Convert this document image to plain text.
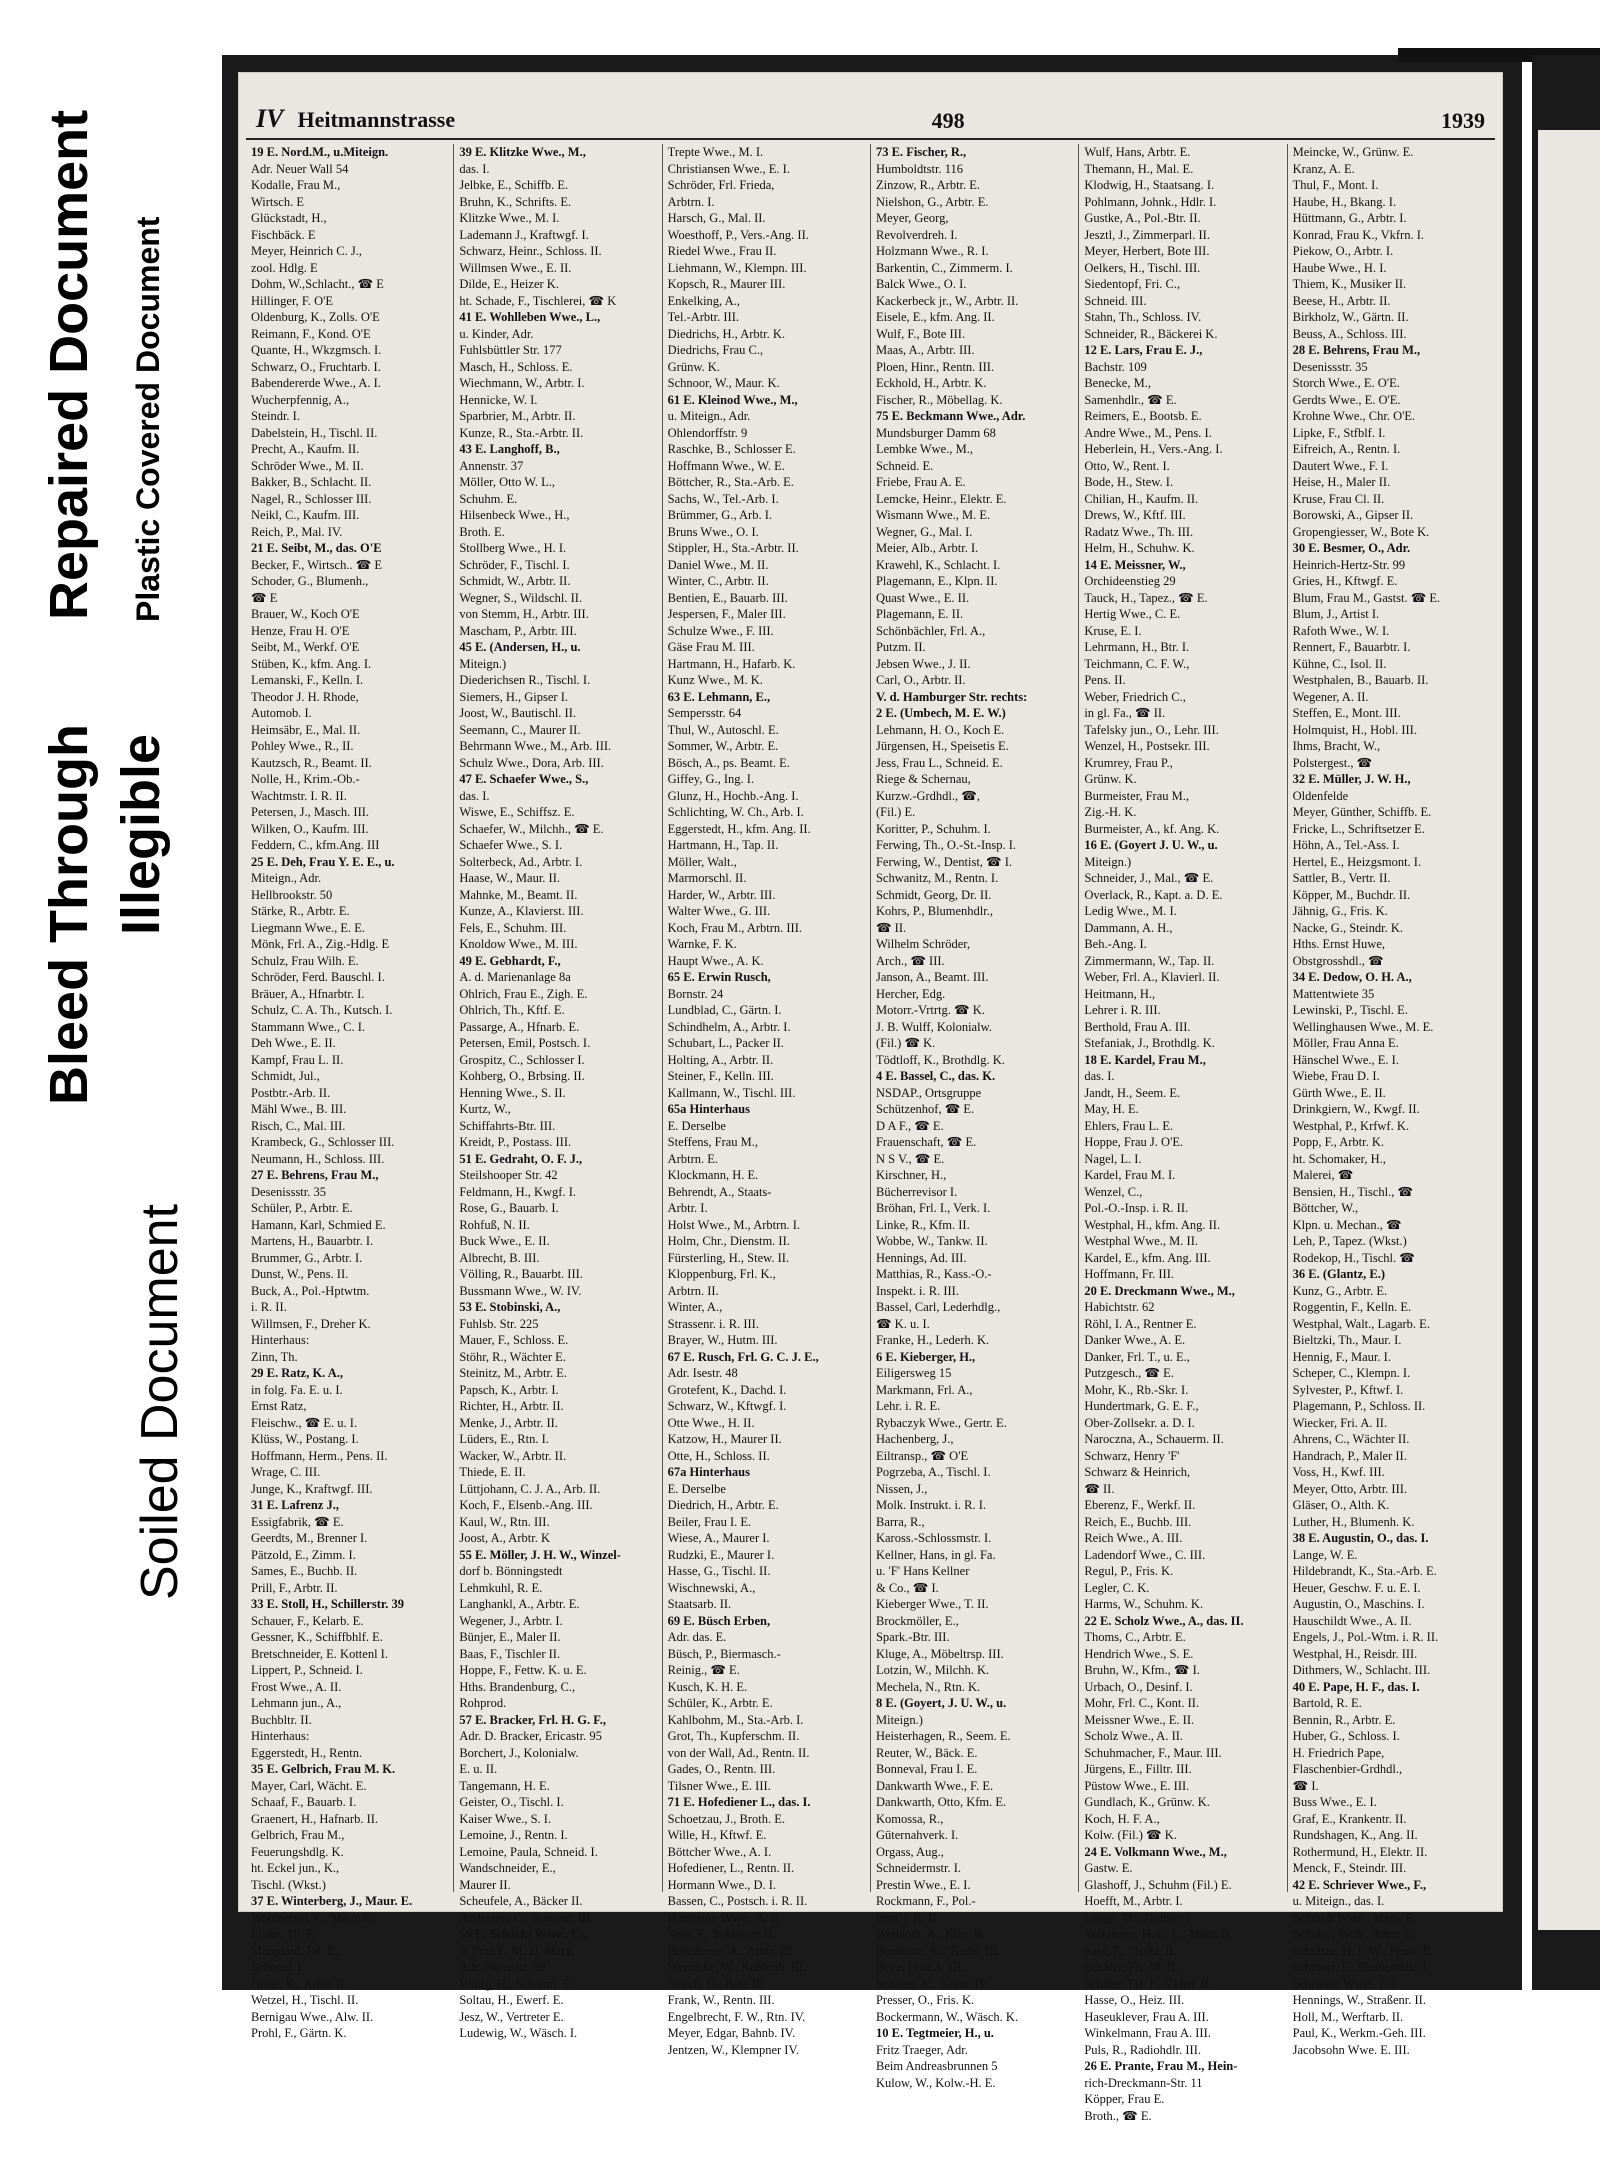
Bleed Through
Repaired Document
Illegible
Plastic Covered Document
Soiled Document
IV Heitmannstrasse	498	1939
19 E. Nord.M., u.Miteign.
Adr. Neuer Wall 54
Kodalle, Frau M.,
Wirtsch. E
Glückstadt, H.,
Fischbäck. E
Meyer, Heinrich C. J.,
zool. Hdlg. E
Dohm, W.,Schlacht., ☎ E
Hillinger, F. O'E
Oldenburg, K., Zolls. O'E
Reimann, F., Kond. O'E
Quante, H., Wkzgmsch. I.
Schwarz, O., Fruchtarb. I.
Babendererde Wwe., A. I.
Wucherpfennig, A.,
Steindr. I.
Dabelstein, H., Tischl. II.
Precht, A., Kaufm. II.
Schröder Wwe., M. II.
Bakker, B., Schlacht. II.
Nagel, R., Schlosser III.
Neikl, C., Kaufm. III.
Reich, P., Mal. IV.
21 E. Seibt, M., das. O'E
Becker, F., Wirtsch.. ☎ E
Schoder, G., Blumenh.,
☎ E
Brauer, W., Koch O'E
Henze, Frau H. O'E
Seibt, M., Werkf. O'E
Stüben, K., kfm. Ang. I.
Lemanski, F., Kelln. I.
Theodor J. H. Rhode,
Automob. I.
Heimsäbr, E., Mal. II.
Pohley Wwe., R., II.
Kautzsch, R., Beamt. II.
Nolle, H., Krim.-Ob.-
Wachtmstr. I. R. II.
Petersen, J., Masch. III.
Wilken, O., Kaufm. III.
Feddern, C., kfm.Ang. III
25 E. Deh, Frau Y. E. E., u.
Miteign., Adr.
Hellbrookstr. 50
Stärke, R., Arbtr. E.
Liegmann Wwe., E. E.
Mönk, Frl. A., Zig.-Hdlg. E
Schulz, Frau Wilh. E.
Schröder, Ferd. Bauschl. I.
Bräuer, A., Hfnarbtr. I.
Schulz, C. A. Th., Kutsch. I.
Stammann Wwe., C. I.
Deh Wwe., E. II.
Kampf, Frau L. II.
Schmidt, Jul.,
Postbtr.-Arb. II.
Mähl Wwe., B. III.
Risch, C., Mal. III.
Krambeck, G., Schlosser III.
Neumann, H., Schloss. III.
27 E. Behrens, Frau M.,
Desenissstr. 35
Schüler, P., Arbtr. E.
Hamann, Karl, Schmied E.
Martens, H., Bauarbtr. I.
Brummer, G., Arbtr. I.
Dunst, W., Pens. II.
Buck, A., Pol.-Hptwtm.
i. R. II.
Willmsen, F., Dreher K.
Hinterhaus:
Zinn, Th.
29 E. Ratz, K. A.,
in folg. Fa. E. u. I.
Ernst Ratz,
Fleischw., ☎ E. u. I.
Klüss, W., Postang. I.
Hoffmann, Herm., Pens. II.
Wrage, C. III.
Junge, K., Kraftwgf. III.
31 E. Lafrenz J.,
Essigfabrik, ☎ E.
Geerdts, M., Brenner I.
Pätzold, E., Zimm. I.
Sames, E., Buchb. II.
Prill, F., Arbtr. II.
33 E. Stoll, H., Schillerstr. 39
Schauer, F., Kelarb. E.
Gessner, K., Schiffbhlf. E.
Bretschneider, E. Kottenl I.
Lippert, P., Schneid. I.
Frost Wwe., A. II.
Lehmann jun., A.,
Buchbltr. II.
Hinterhaus:
Eggerstedt, H., Rentn.
35 E. Gelbrich, Frau M. K.
Mayer, Carl, Wächt. E.
Schaaf, F., Bauarb. I.
Graenert, H., Hafnarb. II.
Gelbrich, Frau M.,
Feuerungshdlg. K.
ht. Eckel jun., K.,
Tischl. (Wkst.)
37 E. Winterberg, J., Maur. E.
Wohlbeben, E., Maur. E.
Linke, Th. E.
Marquard, Frl. E.,
Schneid. I.
Grote, K., Arbtr. II.
Wetzel, H., Tischl. II.
Bernigau Wwe., Alw. II.
Prohl, F., Gärtn. K.
39 E. Klitzke Wwe., M.,
das. I.
Jelbke, E., Schiffb. E.
Bruhn, K., Schrifts. E.
Klitzke Wwe., M. I.
Lademann J., Kraftwgf. I.
Schwarz, Heinr., Schloss. II.
Willmsen Wwe., E. II.
Dilde, E., Heizer K.
ht. Schade, F., Tischlerei, ☎ K
41 E. Wohlleben Wwe., L.,
u. Kinder, Adr.
Fuhlsbüttler Str. 177
Masch, H., Schloss. E.
Wiechmann, W., Arbtr. I.
Hennicke, W. I.
Sparbrier, M., Arbtr. II.
Kunze, R., Sta.-Arbtr. II.
43 E. Langhoff, B.,
Annenstr. 37
Möller, Otto W. L.,
Schuhm. E.
Hilsenbeck Wwe., H.,
Broth. E.
Stollberg Wwe., H. I.
Schröder, F., Tischl. I.
Schmidt, W., Arbtr. II.
Wegner, S., Wildschl. II.
von Stemm, H., Arbtr. III.
Mascham, P., Arbtr. III.
45 E. (Andersen, H., u.
Miteign.)
Diederichsen R., Tischl. I.
Siemers, H., Gipser I.
Joost, W., Bautischl. II.
Seemann, C., Maurer II.
Behrmann Wwe., M., Arb. III.
Schulz Wwe., Dora, Arb. III.
47 E. Schaefer Wwe., S.,
das. I.
Wiswe, E., Schiffsz. E.
Schaefer, W., Milchh., ☎ E.
Schaefer Wwe., S. I.
Solterbeck, Ad., Arbtr. I.
Haase, W., Maur. II.
Mahnke, M., Beamt. II.
Kunze, A., Klavierst. III.
Fels, E., Schuhm. III.
Knoldow Wwe., M. III.
49 E. Gebhardt, F.,
A. d. Marienanlage 8a
Ohlrich, Frau E., Zigh. E.
Ohlrich, Th., Kftf. E.
Passarge, A., Hfnarb. E.
Petersen, Emil, Postsch. I.
Grospitz, C., Schlosser I.
Kohberg, O., Brbsing. II.
Henning Wwe., S. II.
Kurtz, W.,
Schiffahrts-Btr. III.
Kreidt, P., Postass. III.
51 E. Gedraht, O. F. J.,
Steilshooper Str. 42
Feldmann, H., Kwgf. I.
Rose, G., Bauarb. I.
Rohfuß, N. II.
Buck Wwe., E. II.
Albrecht, B. III.
Völling, R., Bauarbt. III.
Bussmann Wwe., W. IV.
53 E. Stobinski, A.,
Fuhlsb. Str. 225
Mauer, F., Schloss. E.
Stöhr, R., Wächter E.
Steinitz, M., Arbtr. E.
Papsch, K., Arbtr. I.
Richter, H., Arbtr. II.
Menke, J., Arbtr. II.
Lüders, E., Rtn. I.
Wacker, W., Arbtr. II.
Thiede, E. II.
Lüttjohann, C. J. A., Arb. II.
Koch, F., Elsenb.-Ang. III.
Kaul, W., Rtn. III.
Joost, A., Arbtr. K
55 E. Möller, J. H. W., Winzel-
dorf b. Bönningstedt
Lehmkuhl, R. E.
Langhankl, A., Arbtr. E.
Wegener, J., Arbtr. I.
Bünjer, E., Maler II.
Baas, F., Tischler II.
Hoppe, F., Fettw. K. u. E.
Hths. Brandenburg, C.,
Rohprod.
57 E. Bracker, Frl. H. G. F.,
Adr. D. Bracker, Ericastr. 95
Borchert, J., Kolonialw.
E. u. II.
Tangemann, H. E.
Geister, O., Tischl. I.
Kaiser Wwe., S. I.
Lemoine, J., Rentn. I.
Lemoine, Paula, Schneid. I.
Wandschneider, E.,
Maurer II.
Scheufele, A., Bäcker II.
Andresen, C., Schneid. III.
59 E. Schacht Wwe., C.,
u. Frau E. M. D. Marx,
Adr. Papenstr. 89
Wittig, H., Schuhm. E.
Soltau, H., Ewerf. E.
Jesz, W., Vertreter E.
Ludewig, W., Wäsch. I.
Trepte Wwe., M. I.
Christiansen Wwe., E. I.
Schröder, Frl. Frieda,
Arbtrn. I.
Harsch, G., Mal. II.
Woesthoff, P., Vers.-Ang. II.
Riedel Wwe., Frau II.
Liehmann, W., Klempn. III.
Kopsch, R., Maurer III.
Enkelking, A.,
Tel.-Arbtr. III.
Diedrichs, H., Arbtr. K.
Diedrichs, Frau C.,
Grünw. K.
Schnoor, W., Maur. K.
61 E. Kleinod Wwe., M.,
u. Miteign., Adr.
Ohlendorffstr. 9
Raschke, B., Schlosser E.
Hoffmann Wwe., W. E.
Böttcher, R., Sta.-Arb. E.
Sachs, W., Tel.-Arb. I.
Brümmer, G., Arb. I.
Bruns Wwe., O. I.
Stippler, H., Sta.-Arbtr. II.
Daniel Wwe., M. II.
Winter, C., Arbtr. II.
Bentien, E., Bauarb. III.
Jespersen, F., Maler III.
Schulze Wwe., F. III.
Gäse Frau M. III.
Hartmann, H., Hafarb. K.
Kunz Wwe., M. K.
63 E. Lehmann, E.,
Sempersstr. 64
Thul, W., Autoschl. E.
Sommer, W., Arbtr. E.
Bösch, A., ps. Beamt. E.
Giffey, G., Ing. I.
Glunz, H., Hochb.-Ang. I.
Schlichting, W. Ch., Arb. I.
Eggerstedt, H., kfm. Ang. II.
Hartmann, H., Tap. II.
Möller, Walt.,
Marmorschl. II.
Harder, W., Arbtr. III.
Walter Wwe., G. III.
Koch, Frau M., Arbtrn. III.
Warnke, F. K.
Haupt Wwe., A. K.
65 E. Erwin Rusch,
Bornstr. 24
Lundblad, C., Gärtn. I.
Schindhelm, A., Arbtr. I.
Schubart, L., Packer II.
Holting, A., Arbtr. II.
Steiner, F., Kelln. III.
Kallmann, W., Tischl. III.
65a Hinterhaus
E. Derselbe
Steffens, Frau M.,
Arbtrn. E.
Klockmann, H. E.
Behrendt, A., Staats-
Arbtr. I.
Holst Wwe., M., Arbtrn. I.
Holm, Chr., Dienstm. II.
Fürsterling, H., Stew. II.
Kloppenburg, Frl. K.,
Arbtrn. II.
Winter, A.,
Strassenr. i. R. III.
Brayer, W., Hutm. III.
67 E. Rusch, Frl. G. C. J. E.,
Adr. Isestr. 48
Grotefent, K., Dachd. I.
Schwarz, W., Kftwgf. I.
Otte Wwe., H. II.
Katzow, H., Maurer II.
Otte, H., Schloss. II.
67a Hinterhaus
E. Derselbe
Diedrich, H., Arbtr. E.
Beiler, Frau I. E.
Wiese, A., Maurer I.
Rudzki, E., Maurer I.
Hasse, G., Tischl. II.
Wischnewski, A.,
Staatsarb. II.
69 E. Büsch Erben,
Adr. das. E.
Büsch, P., Biermasch.-
Reinig., ☎ E.
Kusch, K. H. E.
Schüler, K., Arbtr. E.
Kahlbohm, M., Sta.-Arb. I.
Grot, Th., Kupferschm. II.
von der Wall, Ad., Rentn. II.
Gades, O., Rentn. III.
Tilsner Wwe., E. III.
71 E. Hofediener L., das. I.
Schoetzau, J., Broth. E.
Wille, H., Kftwf. E.
Böttcher Wwe., A. I.
Hofediener, L., Rentn. II.
Hormann Wwe., D. I.
Bassen, C., Postsch. i. R. II.
Hartmann Wwe., A. II.
Voss, F., Schlosser II.
Hofediener, A., Arbtr. III.
Wernicke, W., Kohlenh. III.
Storch, H., Bote III.
Frank, W., Rentn. III.
Engelbrecht, F. W., Rtn. IV.
Meyer, Edgar, Bahnb. IV.
Jentzen, W., Klempner IV.
73 E. Fischer, R.,
Humboldtstr. 116
Zinzow, R., Arbtr. E.
Nielshon, G., Arbtr. E.
Meyer, Georg,
Revolverdreh. I.
Holzmann Wwe., R. I.
Barkentin, C., Zimmerm. I.
Balck Wwe., O. I.
Kackerbeck jr., W., Arbtr. II.
Eisele, E., kfm. Ang. II.
Wulf, F., Bote III.
Maas, A., Arbtr. III.
Ploen, Hinr., Rentn. III.
Eckhold, H., Arbtr. K.
Fischer, R., Möbellag. K.
75 E. Beckmann Wwe., Adr.
Mundsburger Damm 68
Lembke Wwe., M.,
Schneid. E.
Friebe, Frau A. E.
Lemcke, Heinr., Elektr. E.
Wismann Wwe., M. E.
Wegner, G., Mal. I.
Meier, Alb., Arbtr. I.
Krawehl, K., Schlacht. I.
Plagemann, E., Klpn. II.
Quast Wwe., E. II.
Plagemann, E. II.
Schönbächler, Frl. A.,
Putzm. II.
Jebsen Wwe., J. II.
Carl, O., Arbtr. II.
V. d. Hamburger Str. rechts:
2 E. (Umbech, M. E. W.)
Lehmann, H. O., Koch E.
Jürgensen, H., Speisetis E.
Jess, Frau L., Schneid. E.
Riege & Schernau,
Kurzw.-Grdhdl., ☎,
(Fil.) E.
Koritter, P., Schuhm. I.
Ferwing, Th., O.-St.-Insp. I.
Ferwing, W., Dentist, ☎ I.
Schwanitz, M., Rentn. I.
Schmidt, Georg, Dr. II.
Kohrs, P., Blumenhdlr.,
☎ II.
Wilhelm Schröder,
Arch., ☎ III.
Janson, A., Beamt. III.
Hercher, Edg.
Motorr.-Vrtrtg. ☎ K.
J. B. Wulff, Kolonialw.
(Fil.) ☎ K.
Tödtloff, K., Brothdlg. K.
4 E. Bassel, C., das. K.
NSDAP., Ortsgruppe
Schützenhof, ☎ E.
D A F., ☎ E.
Frauenschaft, ☎ E.
N S V., ☎ E.
Kirschner, H.,
Bücherrevisor I.
Bröhan, Frl. I., Verk. I.
Linke, R., Kfm. II.
Wobbe, W., Tankw. II.
Hennings, Ad. III.
Matthias, R., Kass.-O.-
Inspekt. i. R. III.
Bassel, Carl, Lederhdlg.,
☎ K. u. I.
Franke, H., Lederh. K.
6 E. Kieberger, H.,
Eiligersweg 15
Markmann, Frl. A.,
Lehr. i. R. E.
Rybaczyk Wwe., Gertr. E.
Hachenberg, J.,
Eiltransp., ☎ O'E
Pogrzeba, A., Tischl. I.
Nissen, J.,
Molk. Instrukt. i. R. I.
Barra, R.,
Kaross.-Schlossmstr. I.
Kellner, Hans, in gl. Fa.
u. 'F' Hans Kellner
& Co., ☎ I.
Kieberger Wwe., T. II.
Brockmöller, E.,
Spark.-Btr. III.
Kluge, A., Möbeltrsp. III.
Lotzin, W., Milchh. K.
Mechela, N., Rtn. K.
8 E. (Goyert, J. U. W., u.
Miteign.)
Heisterhagen, R., Seem. E.
Reuter, W., Bäck. E.
Bonneval, Frau I. E.
Dankwarth Wwe., F. E.
Dankwarth, Otto, Kfm. E.
Komossa, R.,
Güternahverk. I.
Orgass, Aug.,
Schneidermstr. I.
Prestin Wwe., E. I.
Rockmann, F., Pol.-
Insp. i. R. II.
Weilandt, A., Kfm. II.
Bendokat, K., Tischl. III.
Beye, Frau A. III.
Schauer, K., Kond. IV.
Presser, O., Fris. K.
Bockermann, W., Wäsch. K.
10 E. Tegtmeier, H., u.
Fritz Traeger, Adr.
Beim Andreasbrunnen 5
Kulow, W., Kolw.-H. E.
Wulf, Hans, Arbtr. E.
Themann, H., Mal. E.
Klodwig, H., Staatsang. I.
Pohlmann, Johnk., Hdlr. I.
Gustke, A., Pol.-Btr. II.
Jesztl, J., Zimmerparl. II.
Meyer, Herbert, Bote III.
Oelkers, H., Tischl. III.
Siedentopf, Fri. C.,
Schneid. III.
Stahn, Th., Schloss. IV.
Schneider, R., Bäckerei K.
12 E. Lars, Frau E. J.,
Bachstr. 109
Benecke, M.,
Samenhdlr., ☎ E.
Reimers, E., Bootsb. E.
Andre Wwe., M., Pens. I.
Heberlein, H., Vers.-Ang. I.
Otto, W., Rent. I.
Bode, H., Stew. I.
Chilian, H., Kaufm. II.
Drews, W., Kftf. III.
Radatz Wwe., Th. III.
Helm, H., Schuhw. K.
14 E. Meissner, W.,
Orchideenstieg 29
Tauck, H., Tapez., ☎ E.
Hertig Wwe., C. E.
Kruse, E. I.
Lehrmann, H., Btr. I.
Teichmann, C. F. W.,
Pens. II.
Weber, Friedrich C.,
in gl. Fa., ☎ II.
Tafelsky jun., O., Lehr. III.
Wenzel, H., Postsekr. III.
Krumrey, Frau P.,
Grünw. K.
Burmeister, Frau M.,
Zig.-H. K.
Burmeister, A., kf. Ang. K.
16 E. (Goyert J. U. W., u.
Miteign.)
Schneider, J., Mal., ☎ E.
Overlack, R., Kapt. a. D. E.
Ledig Wwe., M. I.
Dammann, A. H.,
Beh.-Ang. I.
Zimmermann, W., Tap. II.
Weber, Frl. A., Klavierl. II.
Heitmann, H.,
Lehrer i. R. III.
Berthold, Frau A. III.
Stefaniak, J., Brothdlg. K.
18 E. Kardel, Frau M.,
das. I.
Jandt, H., Seem. E.
May, H. E.
Ehlers, Frau L. E.
Hoppe, Frau J. O'E.
Nagel, L. I.
Kardel, Frau M. I.
Wenzel, C.,
Pol.-O.-Insp. i. R. II.
Westphal, H., kfm. Ang. II.
Westphal Wwe., M. II.
Kardel, E., kfm. Ang. III.
Hoffmann, Fr. III.
20 E. Dreckmann Wwe., M.,
Habichtstr. 62
Röhl, I. A., Rentner E.
Danker Wwe., A. E.
Danker, Frl. T., u. E.,
Putzgesch., ☎ E.
Mohr, K., Rb.-Skr. I.
Hundertmark, G. E. F.,
Ober-Zollsekr. a. D. I.
Naroczna, A., Schauerm. II.
Schwarz, Henry 'F'
Schwarz & Heinrich,
☎ II.
Eberenz, F., Werkf. II.
Reich, E., Buchb. III.
Reich Wwe., A. III.
Ladendorf Wwe., C. III.
Regul, P., Fris. K.
Legler, C. K.
Harms, W., Schuhm. K.
22 E. Scholz Wwe., A., das. II.
Thoms, C., Arbtr. E.
Hendrich Wwe., S. E.
Bruhn, W., Kfm., ☎ I.
Urbach, O., Desinf. I.
Mohr, Frl. C., Kont. II.
Meissner Wwe., E. II.
Scholz Wwe., A. II.
Schuhmacher, F., Maur. III.
Jürgens, E., Filltr. III.
Püstow Wwe., E. III.
Gundlach, K., Grünw. K.
Koch, H. F. A.,
Kolw. (Fil.) ☎ K.
24 E. Volkmann Wwe., M.,
Gastw. E.
Glashoff, J., Schuhm (Fil.) E.
Hoefft, M., Arbtr. I.
Lange, M., Tischler I.
Volkmann, H. C. L., Maur. II.
Sass, F., Tischl. II.
Schäfer, Frl. M. II.
Schäfer, Frl. F., Vkfrn. II.
Hasse, O., Heiz. III.
Haseuklever, Frau A. III.
Winkelmann, Frau A. III.
Puls, R., Radiohdlr. III.
26 E. Prante, Frau M., Hein-
rich-Dreckmann-Str. 11
Köpper, Frau E.
Broth., ☎ E.
Meincke, W., Grünw. E.
Kranz, A. E.
Thul, F., Mont. I.
Haube, H., Bkang. I.
Hüttmann, G., Arbtr. I.
Konrad, Frau K., Vkfrn. I.
Piekow, O., Arbtr. I.
Haube Wwe., H. I.
Thiem, K., Musiker II.
Beese, H., Arbtr. II.
Birkholz, W., Gärtn. II.
Beuss, A., Schloss. III.
28 E. Behrens, Frau M.,
Desenissstr. 35
Storch Wwe., E. O'E.
Gerdts Wwe., E. O'E.
Krohne Wwe., Chr. O'E.
Lipke, F., Stfblf. I.
Eifreich, A., Rentn. I.
Dautert Wwe., F. I.
Heise, H., Maler II.
Kruse, Frau Cl. II.
Borowski, A., Gipser II.
Gropengiesser, W., Bote K.
30 E. Besmer, O., Adr.
Heinrich-Hertz-Str. 99
Gries, H., Kftwgf. E.
Blum, Frau M., Gastst. ☎ E.
Blum, J., Artist I.
Rafoth Wwe., W. I.
Rennert, F., Bauarbtr. I.
Kühne, C., Isol. II.
Westphalen, B., Bauarb. II.
Wegener, A. II.
Steffen, E., Mont. III.
Holmquist, H., Hobl. III.
Ihms, Bracht, W.,
Polstergest., ☎
32 E. Müller, J. W. H.,
Oldenfelde
Meyer, Günther, Schiffb. E.
Fricke, L., Schriftsetzer E.
Höhn, A., Tel.-Ass. I.
Hertel, E., Heizgsmont. I.
Sattler, B., Vertr. II.
Köpper, M., Buchdr. II.
Jähnig, G., Fris. K.
Nacke, G., Steindr. K.
Hths. Ernst Huwe,
Obstgrosshdl., ☎
34 E. Dedow, O. H. A.,
Mattentwiete 35
Lewinski, P., Tischl. E.
Wellinghausen Wwe., M. E.
Möller, Frau Anna E.
Hänschel Wwe., E. I.
Wiebe, Frau D. I.
Gürth Wwe., E. II.
Drinkgiern, W., Kwgf. II.
Westphal, P., Krfwf. K.
Popp, F., Arbtr. K.
ht. Schomaker, H.,
Malerei, ☎
Bensien, H., Tischl., ☎
Böttcher, W.,
Klpn. u. Mechan., ☎
Leh, P., Tapez. (Wkst.)
Rodekop, H., Tischl. ☎
36 E. (Glantz, E.)
Kunz, G., Arbtr. E.
Roggentin, F., Kelln. E.
Westphal, Walt., Lagarb. E.
Bieltzki, Th., Maur. I.
Hennig, F., Maur. I.
Scheper, C., Klempn. I.
Sylvester, P., Kftwf. I.
Plagemann, P., Schloss. II.
Wiecker, Fri. A. II.
Ahrens, C., Wächter II.
Handrach, P., Maler II.
Voss, H., Kwf. III.
Meyer, Otto, Arbtr. III.
Gläser, O., Alth. K.
Luther, H., Blumenh. K.
38 E. Augustin, O., das. I.
Lange, W. E.
Hildebrandt, K., Sta.-Arb. E.
Heuer, Geschw. F. u. E. I.
Augustin, O., Maschins. I.
Hauschildt Wwe., A. II.
Engels, J., Pol.-Wtm. i. R. II.
Westphal, H., Reisdr. III.
Dithmers, W., Schlacht. III.
40 E. Pape, H. F., das. I.
Bartold, R. E.
Bennin, R., Arbtr. E.
Huber, G., Schloss. I.
H. Friedrich Pape,
Flaschenbier-Grdhdl.,
☎ I.
Buss Wwe., E. I.
Graf, E., Krankentr. II.
Rundshagen, K., Ang. II.
Rothermund, H., Elektr. II.
Menck, F., Steindr. III.
42 E. Schriever Wwe., F.,
u. Miteign., das. I.
Schmidt Wwe., Marie E.
Schulze, Wilh., Arbtr. E.
Schultze, H. F. W., Pensr. E.
Schmorr, F., Blumenhdlr. I.
Schriever Wwe., F. I.
Hennings, W., Straßenr. II.
Holl, M., Werftarb. II.
Paul, K., Werkm.-Geh. III.
Jacobsohn Wwe. E. III.
